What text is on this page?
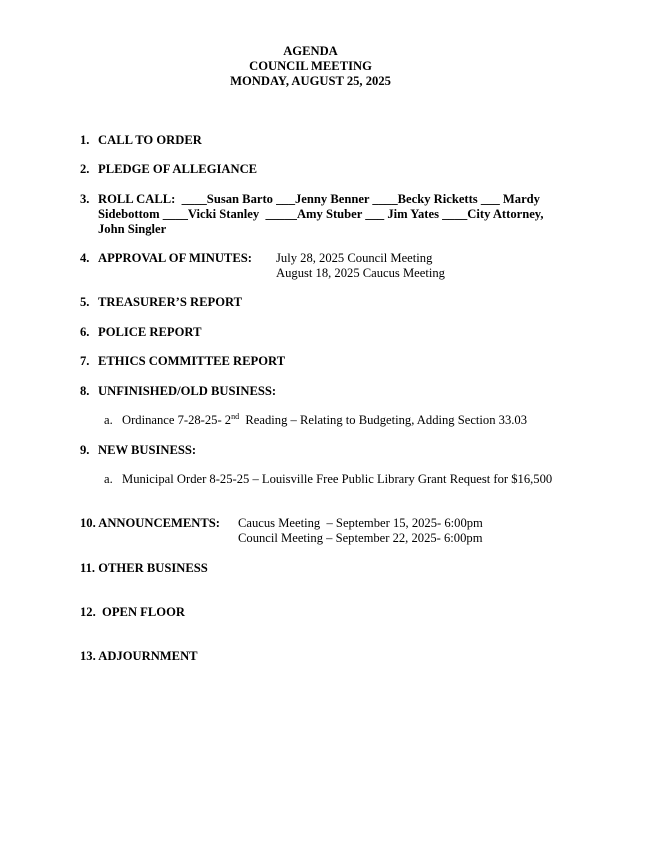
AGENDA
COUNCIL MEETING
MONDAY, AUGUST 25, 2025
1. CALL TO ORDER
2. PLEDGE OF ALLEGIANCE
3. ROLL CALL:  ____Susan Barto ___Jenny Benner ____Becky Ricketts ___ Mardy
Sidebottom ____Vicki Stanley  _____Amy Stuber ___ Jim Yates ____City Attorney,
John Singler
4. APPROVAL OF MINUTES:	July 28, 2025 Council Meeting
August 18, 2025 Caucus Meeting
5. TREASURER’S REPORT
6. POLICE REPORT
7. ETHICS COMMITTEE REPORT
8. UNFINISHED/OLD BUSINESS:
a. Ordinance 7-28-25- 2nd  Reading – Relating to Budgeting, Adding Section 33.03
9. NEW BUSINESS:
a. Municipal Order 8-25-25 – Louisville Free Public Library Grant Request for $16,500
10. ANNOUNCEMENTS:	Caucus Meeting  – September 15, 2025- 6:00pm
Council Meeting – September 22, 2025- 6:00pm
11. OTHER BUSINESS
12.  OPEN FLOOR
13. ADJOURNMENT
